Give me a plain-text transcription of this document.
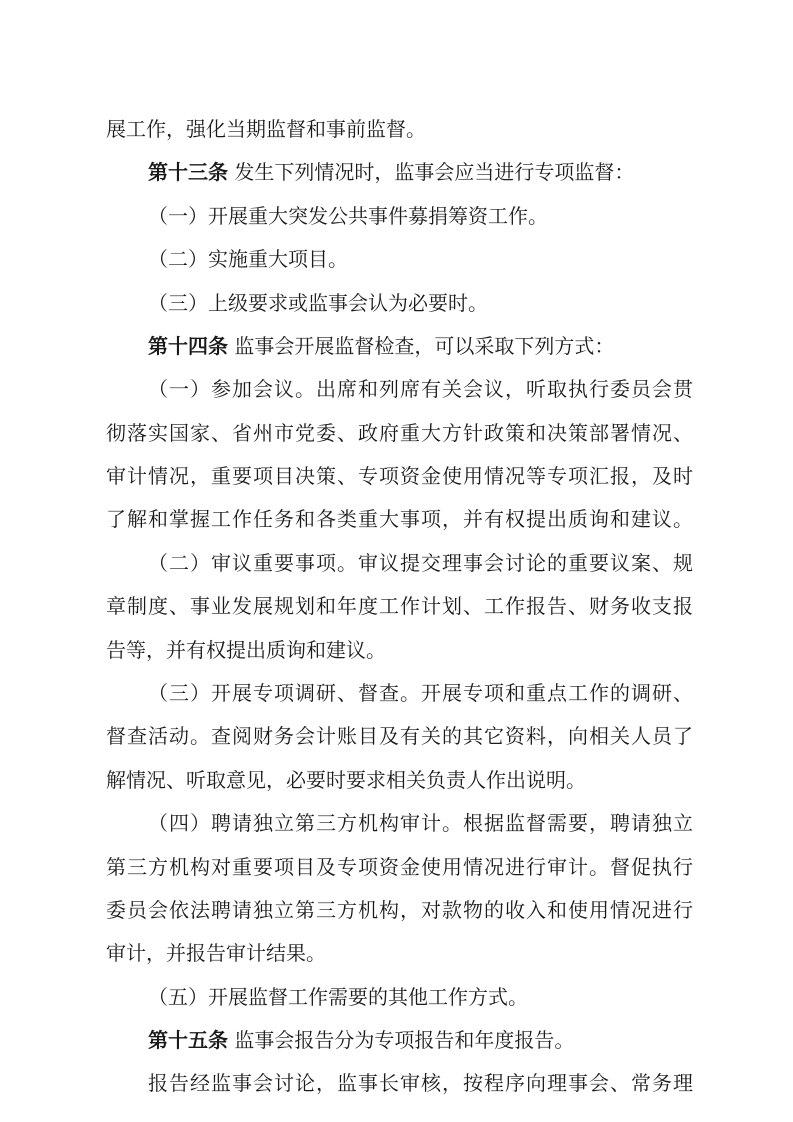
展工作，强化当期监督和事前监督。
第十三条 发生下列情况时，监事会应当进行专项监督：
（一）开展重大突发公共事件募捐筹资工作。
（二）实施重大项目。
（三）上级要求或监事会认为必要时。
第十四条 监事会开展监督检查，可以采取下列方式：
（一）参加会议。出席和列席有关会议，听取执行委员会贯
彻落实国家、省州市党委、政府重大方针政策和决策部署情况、
审计情况，重要项目决策、专项资金使用情况等专项汇报，及时
了解和掌握工作任务和各类重大事项，并有权提出质询和建议。
（二）审议重要事项。审议提交理事会讨论的重要议案、规
章制度、事业发展规划和年度工作计划、工作报告、财务收支报
告等，并有权提出质询和建议。
（三）开展专项调研、督查。开展专项和重点工作的调研、
督查活动。查阅财务会计账目及有关的其它资料，向相关人员了
解情况、听取意见，必要时要求相关负责人作出说明。
（四）聘请独立第三方机构审计。根据监督需要，聘请独立
第三方机构对重要项目及专项资金使用情况进行审计。督促执行
委员会依法聘请独立第三方机构，对款物的收入和使用情况进行
审计，并报告审计结果。
（五）开展监督工作需要的其他工作方式。
第十五条 监事会报告分为专项报告和年度报告。
报告经监事会讨论，监事长审核，按程序向理事会、常务理
